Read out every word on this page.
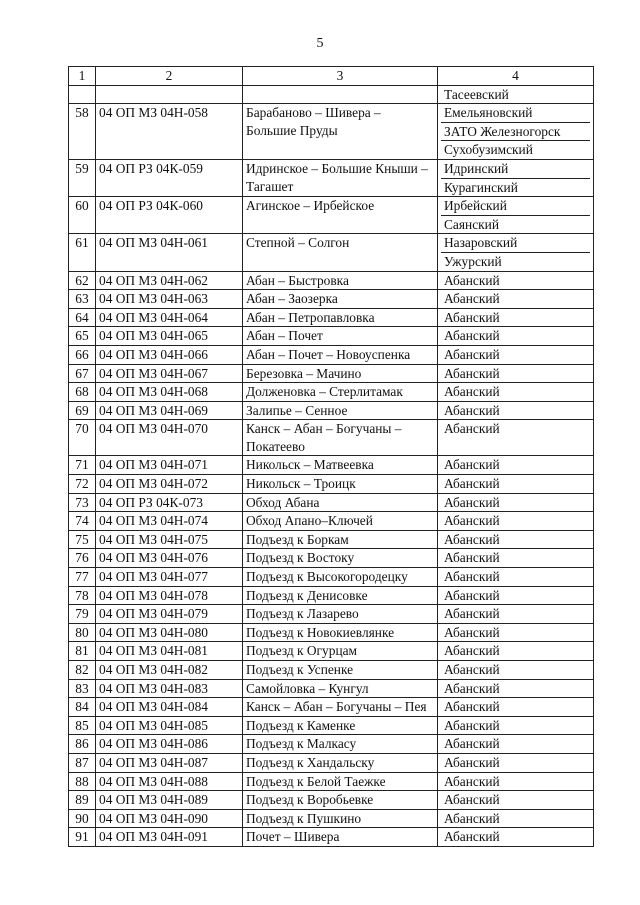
5
1	2	3	4

			Тасеевский

58	04 ОП МЗ 04Н-058	Барабаново – Шивера – Большие Пруды	Емельяновский
ЗАТО Железногорск
Сухобузимский

59	04 ОП РЗ 04К-059	Идринское – Большие Кныши – Тагашет	Идринский
Курагинский

60	04 ОП РЗ 04К-060	Агинское – Ирбейское	Ирбейский
Саянский

61	04 ОП МЗ 04Н-061	Степной – Солгон	Назаровский
Ужурский

62	04 ОП МЗ 04Н-062	Абан – Быстровка	Абанский

63	04 ОП МЗ 04Н-063	Абан – Заозерка	Абанский

64	04 ОП МЗ 04Н-064	Абан – Петропавловка	Абанский

65	04 ОП МЗ 04Н-065	Абан – Почет	Абанский

66	04 ОП МЗ 04Н-066	Абан – Почет – Новоуспенка	Абанский

67	04 ОП МЗ 04Н-067	Березовка – Мачино	Абанский

68	04 ОП МЗ 04Н-068	Долженовка – Стерлитамак	Абанский

69	04 ОП МЗ 04Н-069	Залипье – Сенное	Абанский

70	04 ОП МЗ 04Н-070	Канск – Абан – Богучаны – Покатеево	Абанский

71	04 ОП МЗ 04Н-071	Никольск – Матвеевка	Абанский

72	04 ОП МЗ 04Н-072	Никольск – Троицк	Абанский

73	04 ОП РЗ 04К-073	Обход Абана	Абанский

74	04 ОП МЗ 04Н-074	Обход Апано–Ключей	Абанский

75	04 ОП МЗ 04Н-075	Подъезд к Боркам	Абанский

76	04 ОП МЗ 04Н-076	Подъезд к Востоку	Абанский

77	04 ОП МЗ 04Н-077	Подъезд к Высокогородецку	Абанский

78	04 ОП МЗ 04Н-078	Подъезд к Денисовке	Абанский

79	04 ОП МЗ 04Н-079	Подъезд к Лазарево	Абанский

80	04 ОП МЗ 04Н-080	Подъезд к Новокиевлянке	Абанский

81	04 ОП МЗ 04Н-081	Подъезд к Огурцам	Абанский

82	04 ОП МЗ 04Н-082	Подъезд к Успенке	Абанский

83	04 ОП МЗ 04Н-083	Самойловка – Кунгул	Абанский

84	04 ОП МЗ 04Н-084	Канск – Абан – Богучаны – Пея	Абанский

85	04 ОП МЗ 04Н-085	Подъезд к Каменке	Абанский

86	04 ОП МЗ 04Н-086	Подъезд к Малкасу	Абанский

87	04 ОП МЗ 04Н-087	Подъезд к Хандальску	Абанский

88	04 ОП МЗ 04Н-088	Подъезд к Белой Таежке	Абанский

89	04 ОП МЗ 04Н-089	Подъезд к Воробьевке	Абанский

90	04 ОП МЗ 04Н-090	Подъезд к Пушкино	Абанский

91	04 ОП МЗ 04Н-091	Почет – Шивера	Абанский
